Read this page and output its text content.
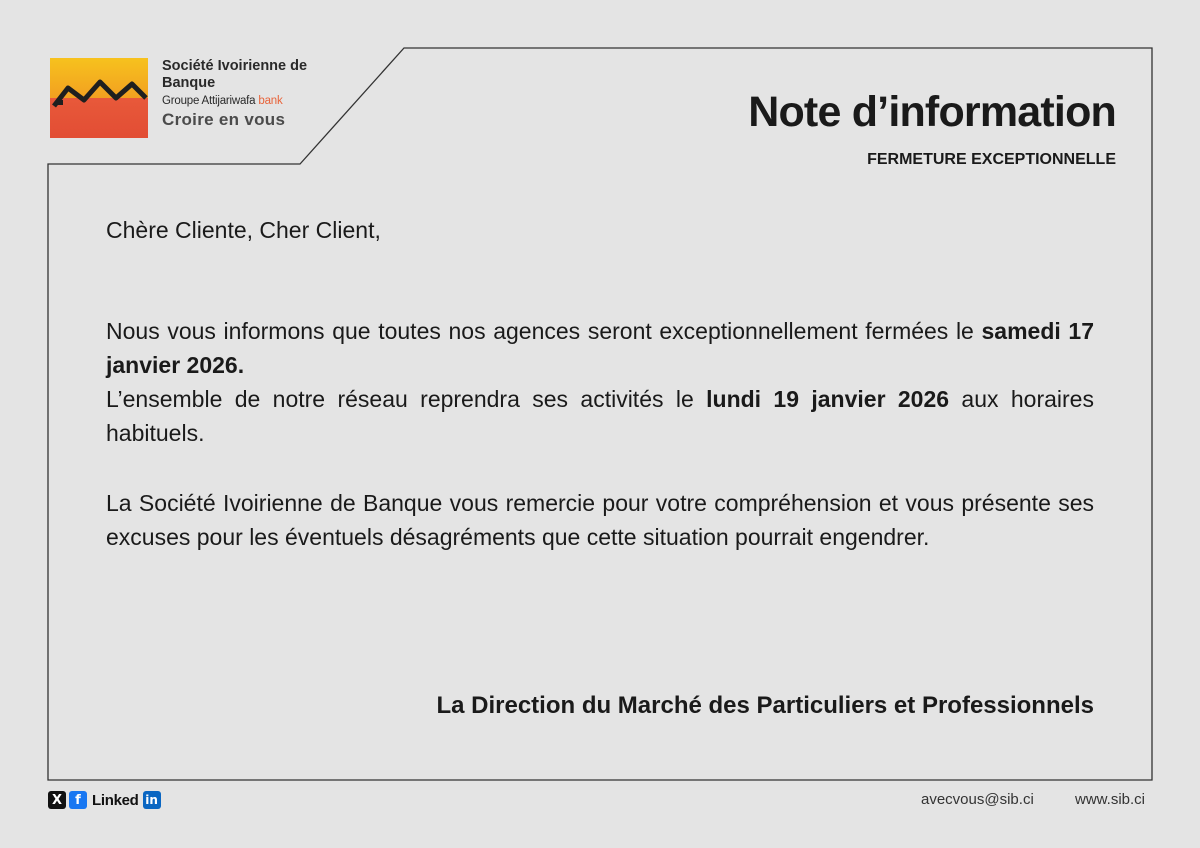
Société Ivoirienne de Banque
Groupe Attijariwafa bank
Croire en vous	Note d’information
FERMETURE EXCEPTIONNELLE
Chère Cliente, Cher Client,
Nous vous informons que toutes nos agences seront exceptionnellement fermées le samedi 17 janvier 2026.
L’ensemble de notre réseau reprendra ses activités le lundi 19 janvier 2026 aux horaires habituels.
La Société Ivoirienne de Banque vous remercie pour votre compréhension et vous présente ses excuses pour les éventuels désagréments que cette situation pourrait engendrer.
La Direction du Marché des Particuliers et Professionnels
X	f Linked in	avecvous@sib.ci	www.sib.ci
